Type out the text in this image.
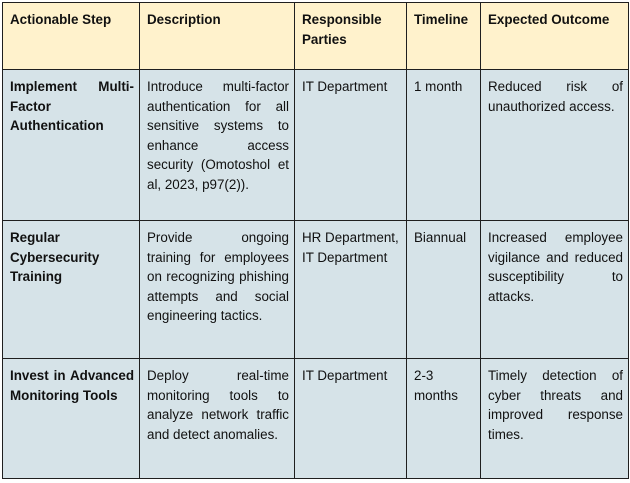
Actionable Step	Description	Responsible Parties	Timeline	Expected Outcome
Implement Multi-Factor Authentication	Introduce multi-factor authentication for all sensitive systems to enhance access security (Omotoshol et al, 2023, p97(2)).	IT Department	1 month	Reduced risk of unauthorized access.
Regular Cybersecurity Training	Provide ongoing training for employees on recognizing phishing attempts and social engineering tactics.	HR Department, IT Department	Biannual	Increased employee vigilance and reduced susceptibility to attacks.
Invest in Advanced Monitoring Tools	Deploy real-time monitoring tools to analyze network traffic and detect anomalies.	IT Department	2-3 months	Timely detection of cyber threats and improved response times.
